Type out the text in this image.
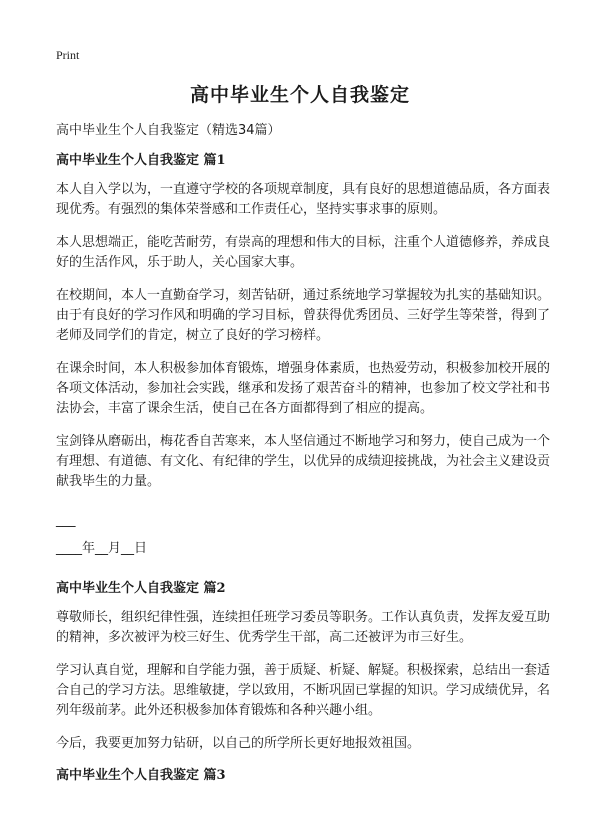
Print
高中毕业生个人自我鉴定

高中毕业生个人自我鉴定（精选34篇）

高中毕业生个人自我鉴定 篇1

本人自入学以为，一直遵守学校的各项规章制度，具有良好的思想道德品质，各方面表现优秀。有强烈的集体荣誉感和工作责任心，坚持实事求事的原则。

本人思想端正，能吃苦耐劳，有崇高的理想和伟大的目标，注重个人道德修养，养成良好的生活作风，乐于助人，关心国家大事。

在校期间，本人一直勤奋学习，刻苦钻研，通过系统地学习掌握较为扎实的基础知识。由于有良好的学习作风和明确的学习目标，曾获得优秀团员、三好学生等荣誉，得到了老师及同学们的肯定，树立了良好的学习榜样。

在课余时间，本人积极参加体育锻炼，增强身体素质，也热爱劳动，积极参加校开展的各项文体活动，参加社会实践，继承和发扬了艰苦奋斗的精神，也参加了校文学社和书法协会，丰富了课余生活，使自己在各方面都得到了相应的提高。

宝剑锋从磨砺出，梅花香自苦寒来，本人坚信通过不断地学习和努力，使自己成为一个有理想、有道德、有文化、有纪律的学生，以优异的成绩迎接挑战，为社会主义建设贡献我毕生的力量。

___

____年__月__日

高中毕业生个人自我鉴定 篇2

尊敬师长，组织纪律性强，连续担任班学习委员等职务。工作认真负责，发挥友爱互助的精神，多次被评为校三好生、优秀学生干部，高二还被评为市三好生。

学习认真自觉，理解和自学能力强，善于质疑、析疑、解疑。积极探索，总结出一套适合自己的学习方法。思维敏捷，学以致用，不断巩固已掌握的知识。学习成绩优异，名列年级前茅。此外还积极参加体育锻炼和各种兴趣小组。

今后，我要更加努力钻研，以自己的所学所长更好地报效祖国。

高中毕业生个人自我鉴定 篇3
